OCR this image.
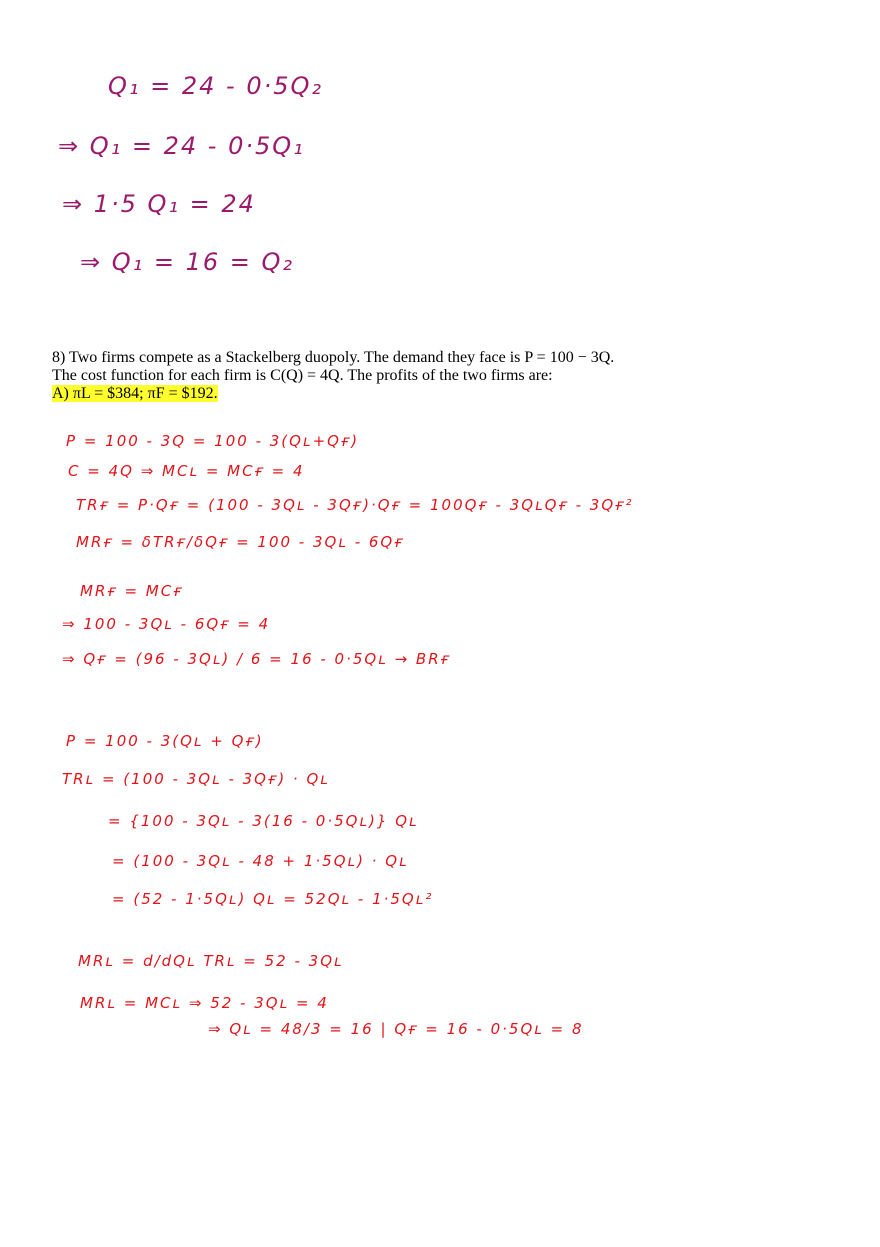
Q₁ = 24 - 0·5Q₂
⇒ Q₁ = 24 - 0·5Q₁
⇒ 1·5 Q₁ = 24
⇒ Q₁ = 16 = Q₂

8) Two firms compete as a Stackelberg duopoly. The demand they face is P = 100 − 3Q.

The cost function for each firm is C(Q) = 4Q. The profits of the two firms are:

A) πL = $384; πF = $192.

P = 100 - 3Q = 100 - 3(Qʟ+Qғ)
C = 4Q ⇒ MCʟ = MCғ = 4
TRғ = P·Qғ = (100 - 3Qʟ - 3Qғ)·Qғ = 100Qғ - 3QʟQғ - 3Qғ²
MRғ = δTRғ/δQғ = 100 - 3Qʟ - 6Qғ
MRғ = MCғ
⇒ 100 - 3Qʟ - 6Qғ = 4
⇒ Qғ = (96 - 3Qʟ) / 6 = 16 - 0·5Qʟ → BRғ
P = 100 - 3(Qʟ + Qғ)
TRʟ = (100 - 3Qʟ - 3Qғ) · Qʟ
= {100 - 3Qʟ - 3(16 - 0·5Qʟ)} Qʟ
= (100 - 3Qʟ - 48 + 1·5Qʟ) · Qʟ
= (52 - 1·5Qʟ) Qʟ = 52Qʟ - 1·5Qʟ²
MRʟ = d/dQʟ TRʟ = 52 - 3Qʟ
MRʟ = MCʟ ⇒ 52 - 3Qʟ = 4
⇒ Qʟ = 48/3 = 16 | Qғ = 16 - 0·5Qʟ = 8
